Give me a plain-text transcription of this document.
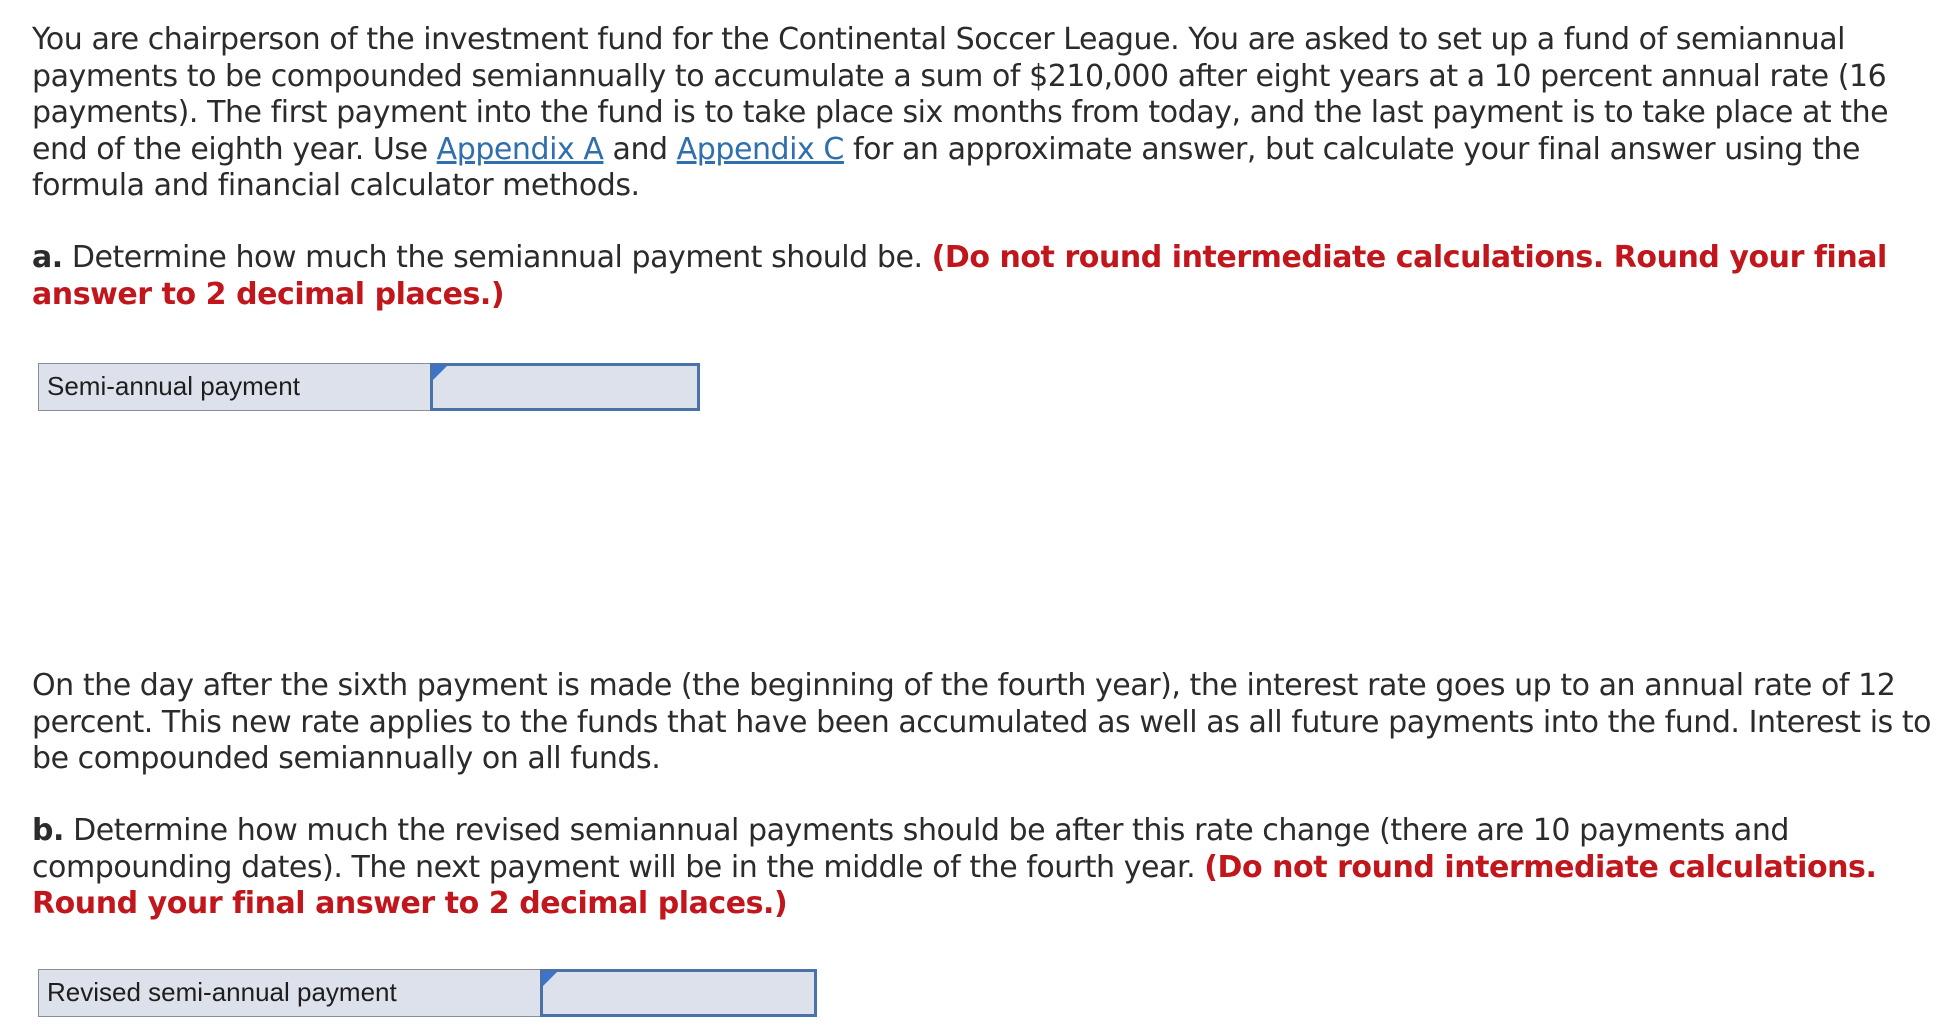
You are chairperson of the investment fund for the Continental Soccer League. You are asked to set up a fund of semiannual payments to be compounded semiannually to accumulate a sum of $210,000 after eight years at a 10 percent annual rate (16 payments). The first payment into the fund is to take place six months from today, and the last payment is to take place at the end of the eighth year. Use Appendix A and Appendix C for an approximate answer, but calculate your final answer using the formula and financial calculator methods.
a. Determine how much the semiannual payment should be. (Do not round intermediate calculations. Round your final answer to 2 decimal places.)
Semi-annual payment
On the day after the sixth payment is made (the beginning of the fourth year), the interest rate goes up to an annual rate of 12 percent. This new rate applies to the funds that have been accumulated as well as all future payments into the fund. Interest is to be compounded semiannually on all funds.
b. Determine how much the revised semiannual payments should be after this rate change (there are 10 payments and compounding dates). The next payment will be in the middle of the fourth year. (Do not round intermediate calculations. Round your final answer to 2 decimal places.)
Revised semi-annual payment
